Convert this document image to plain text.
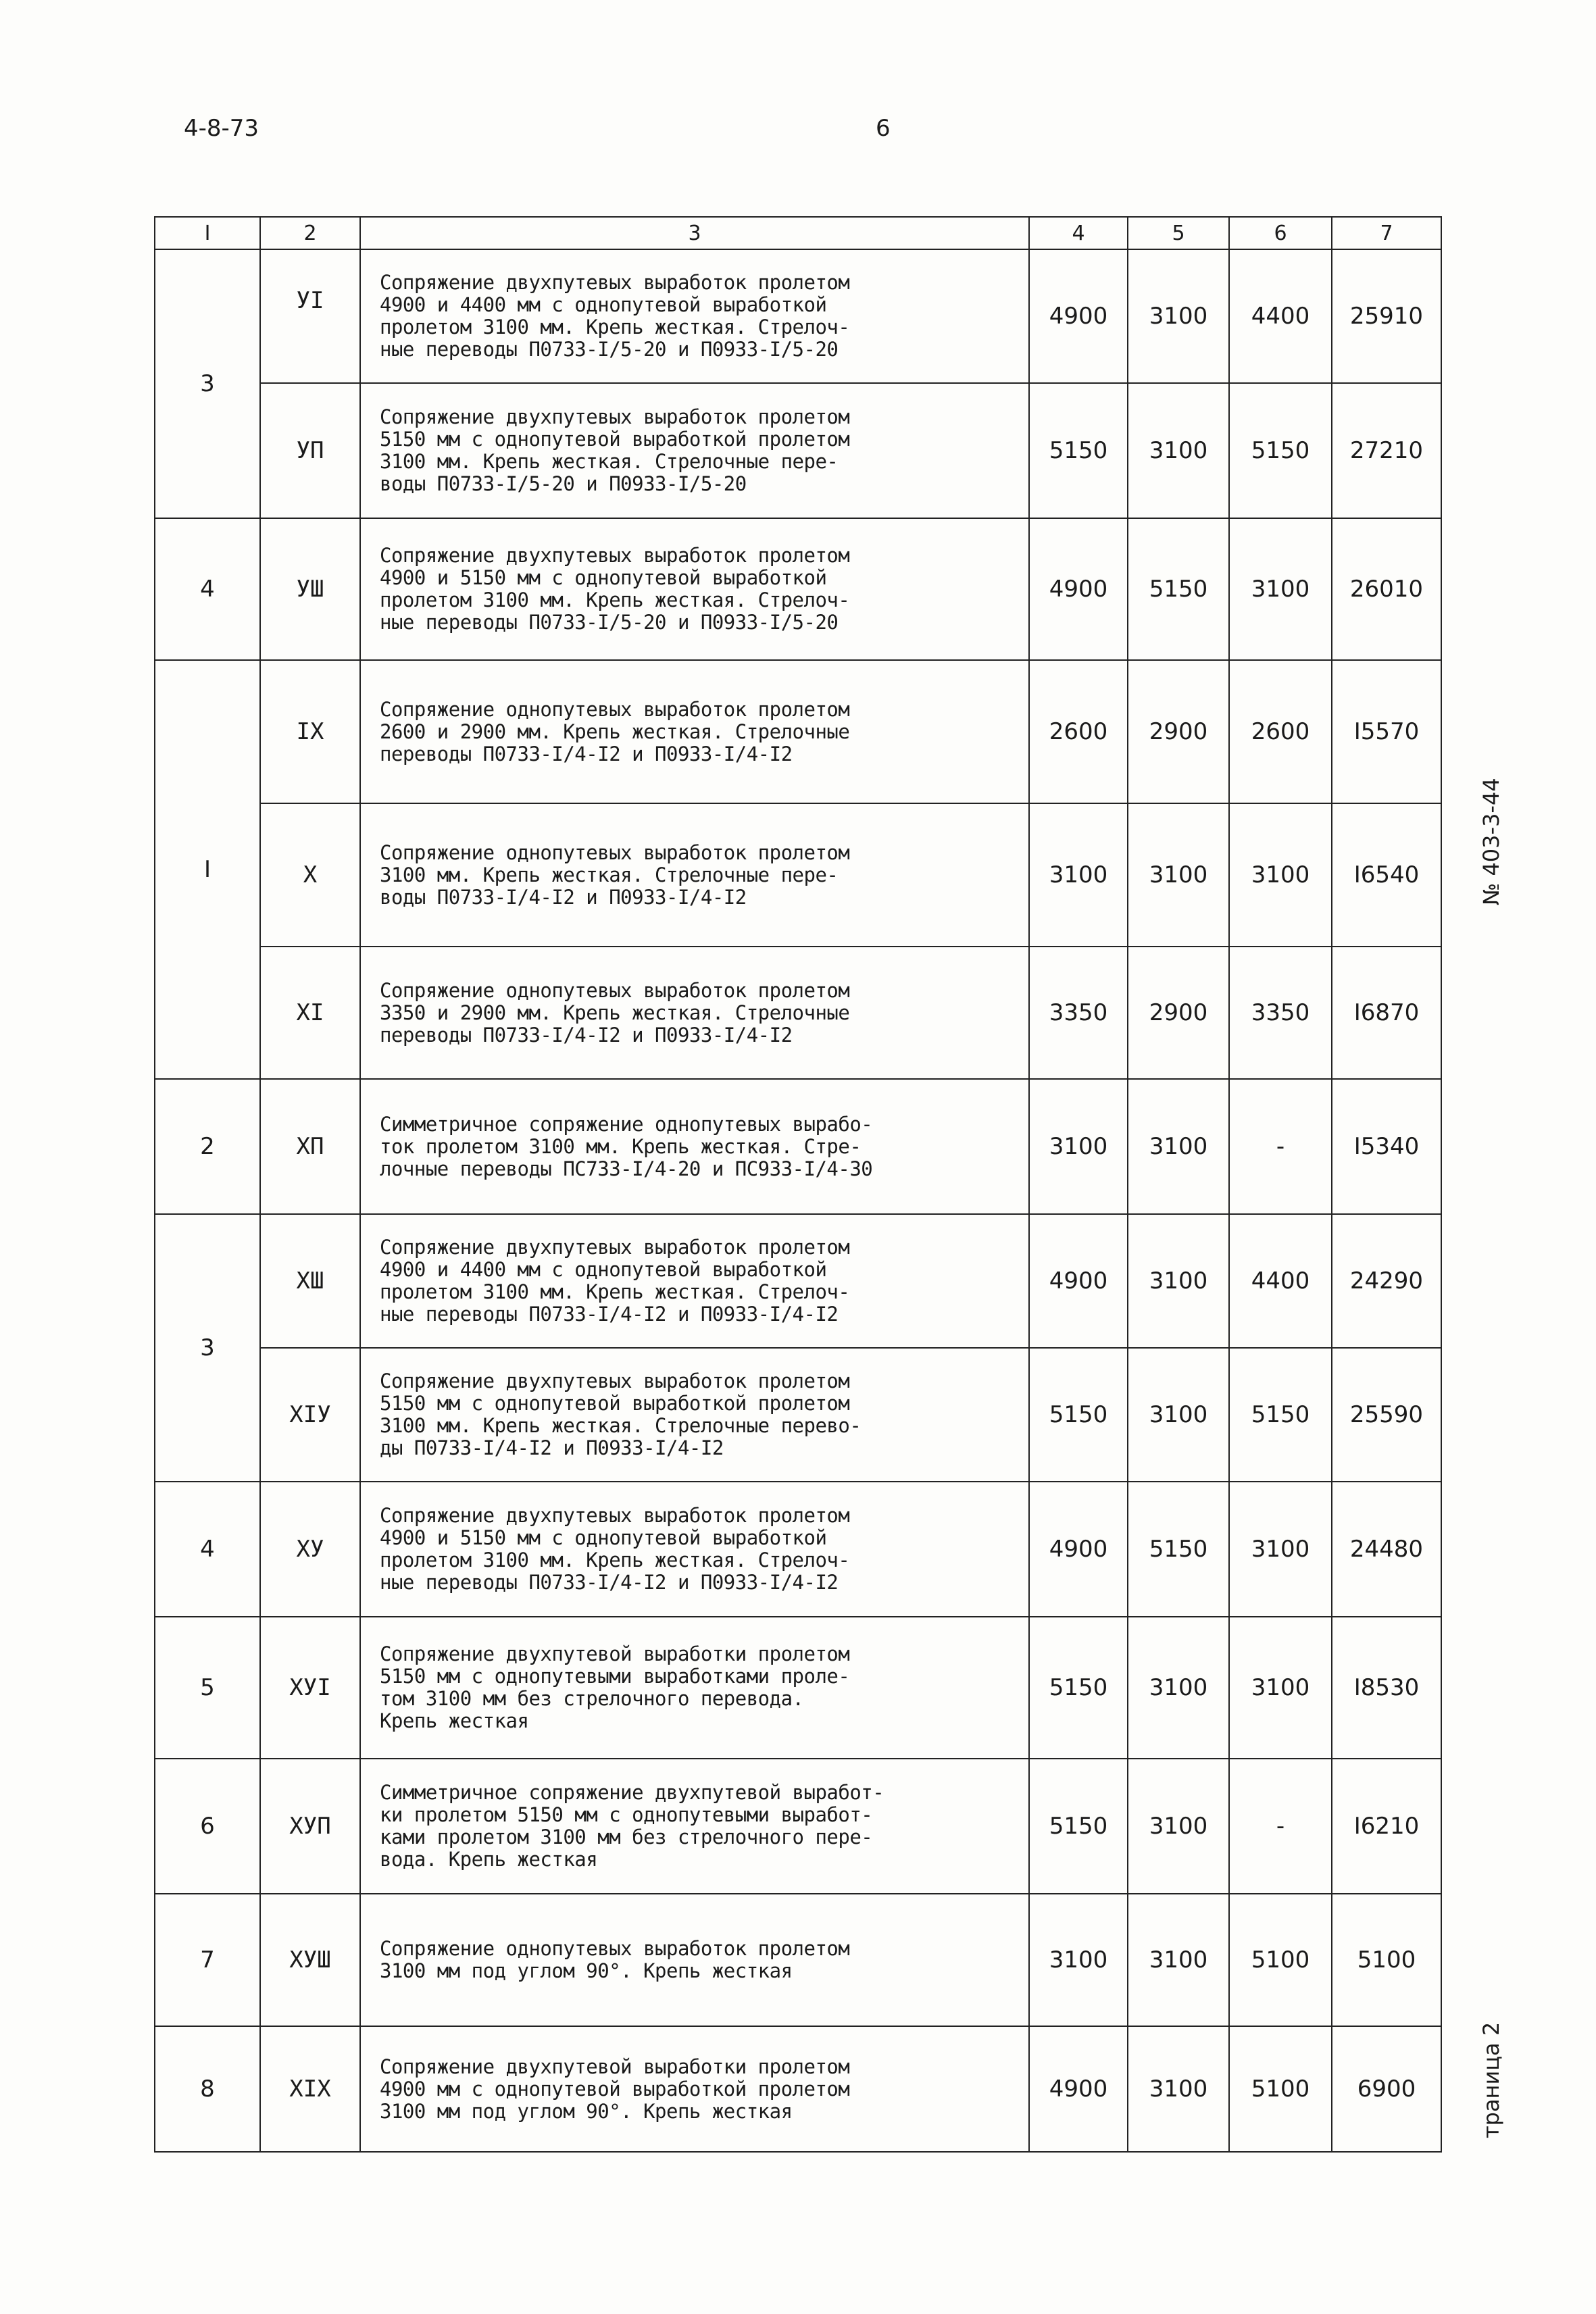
4-8-73	6
№ 403-3-44
траница 2
I	2	3	4	5	6	7
3	УI	Сопряжение двухпутевых выработок пролетом
4900 и 4400 мм с однопутевой выработкой
пролетом 3100 мм. Крепь жесткая. Стрелоч-
ные переводы П0733-I/5-20 и П0933-I/5-20	4900	3100	4400	25910
	УП	Сопряжение двухпутевых выработок пролетом
5150 мм с однопутевой выработкой пролетом
3100 мм. Крепь жесткая. Стрелочные пере-
воды П0733-I/5-20 и П0933-I/5-20	5150	3100	5150	27210
4	УШ	Сопряжение двухпутевых выработок пролетом
4900 и 5150 мм с однопутевой выработкой
пролетом 3100 мм. Крепь жесткая. Стрелоч-
ные переводы П0733-I/5-20 и П0933-I/5-20	4900	5150	3100	26010
I	IX	Сопряжение однопутевых выработок пролетом
2600 и 2900 мм. Крепь жесткая. Стрелочные
переводы П0733-I/4-I2 и П0933-I/4-I2	2600	2900	2600	I5570
	X	Сопряжение однопутевых выработок пролетом
3100 мм. Крепь жесткая. Стрелочные пере-
воды П0733-I/4-I2 и П0933-I/4-I2	3100	3100	3100	I6540
	XI	Сопряжение однопутевых выработок пролетом
3350 и 2900 мм. Крепь жесткая. Стрелочные
переводы П0733-I/4-I2 и П0933-I/4-I2	3350	2900	3350	I6870
2	ХП	Симметричное сопряжение однопутевых вырабо-
ток пролетом 3100 мм. Крепь жесткая. Стре-
лочные переводы ПС733-I/4-20 и ПС933-I/4-30	3100	3100	-	I5340
3	ХШ	Сопряжение двухпутевых выработок пролетом
4900 и 4400 мм с однопутевой выработкой
пролетом 3100 мм. Крепь жесткая. Стрелоч-
ные переводы П0733-I/4-I2 и П0933-I/4-I2	4900	3100	4400	24290
	ХIУ	Сопряжение двухпутевых выработок пролетом
5150 мм с однопутевой выработкой пролетом
3100 мм. Крепь жесткая. Стрелочные перево-
ды П0733-I/4-I2 и П0933-I/4-I2	5150	3100	5150	25590
4	ХУ	Сопряжение двухпутевых выработок пролетом
4900 и 5150 мм с однопутевой выработкой
пролетом 3100 мм. Крепь жесткая. Стрелоч-
ные переводы П0733-I/4-I2 и П0933-I/4-I2	4900	5150	3100	24480
5	ХУI	Сопряжение двухпутевой выработки пролетом
5150 мм с однопутевыми выработками проле-
том 3100 мм без стрелочного перевода.
Крепь жесткая	5150	3100	3100	I8530
6	ХУП	Симметричное сопряжение двухпутевой выработ-
ки пролетом 5150 мм с однопутевыми выработ-
ками пролетом 3100 мм без стрелочного пере-
вода. Крепь жесткая	5150	3100	-	I6210
7	ХУШ	Сопряжение однопутевых выработок пролетом
3100 мм под углом 90°. Крепь жесткая	3100	3100	5100	5100
8	ХIХ	Сопряжение двухпутевой выработки пролетом
4900 мм с однопутевой выработкой пролетом
3100 мм под углом 90°. Крепь жесткая	4900	3100	5100	6900
